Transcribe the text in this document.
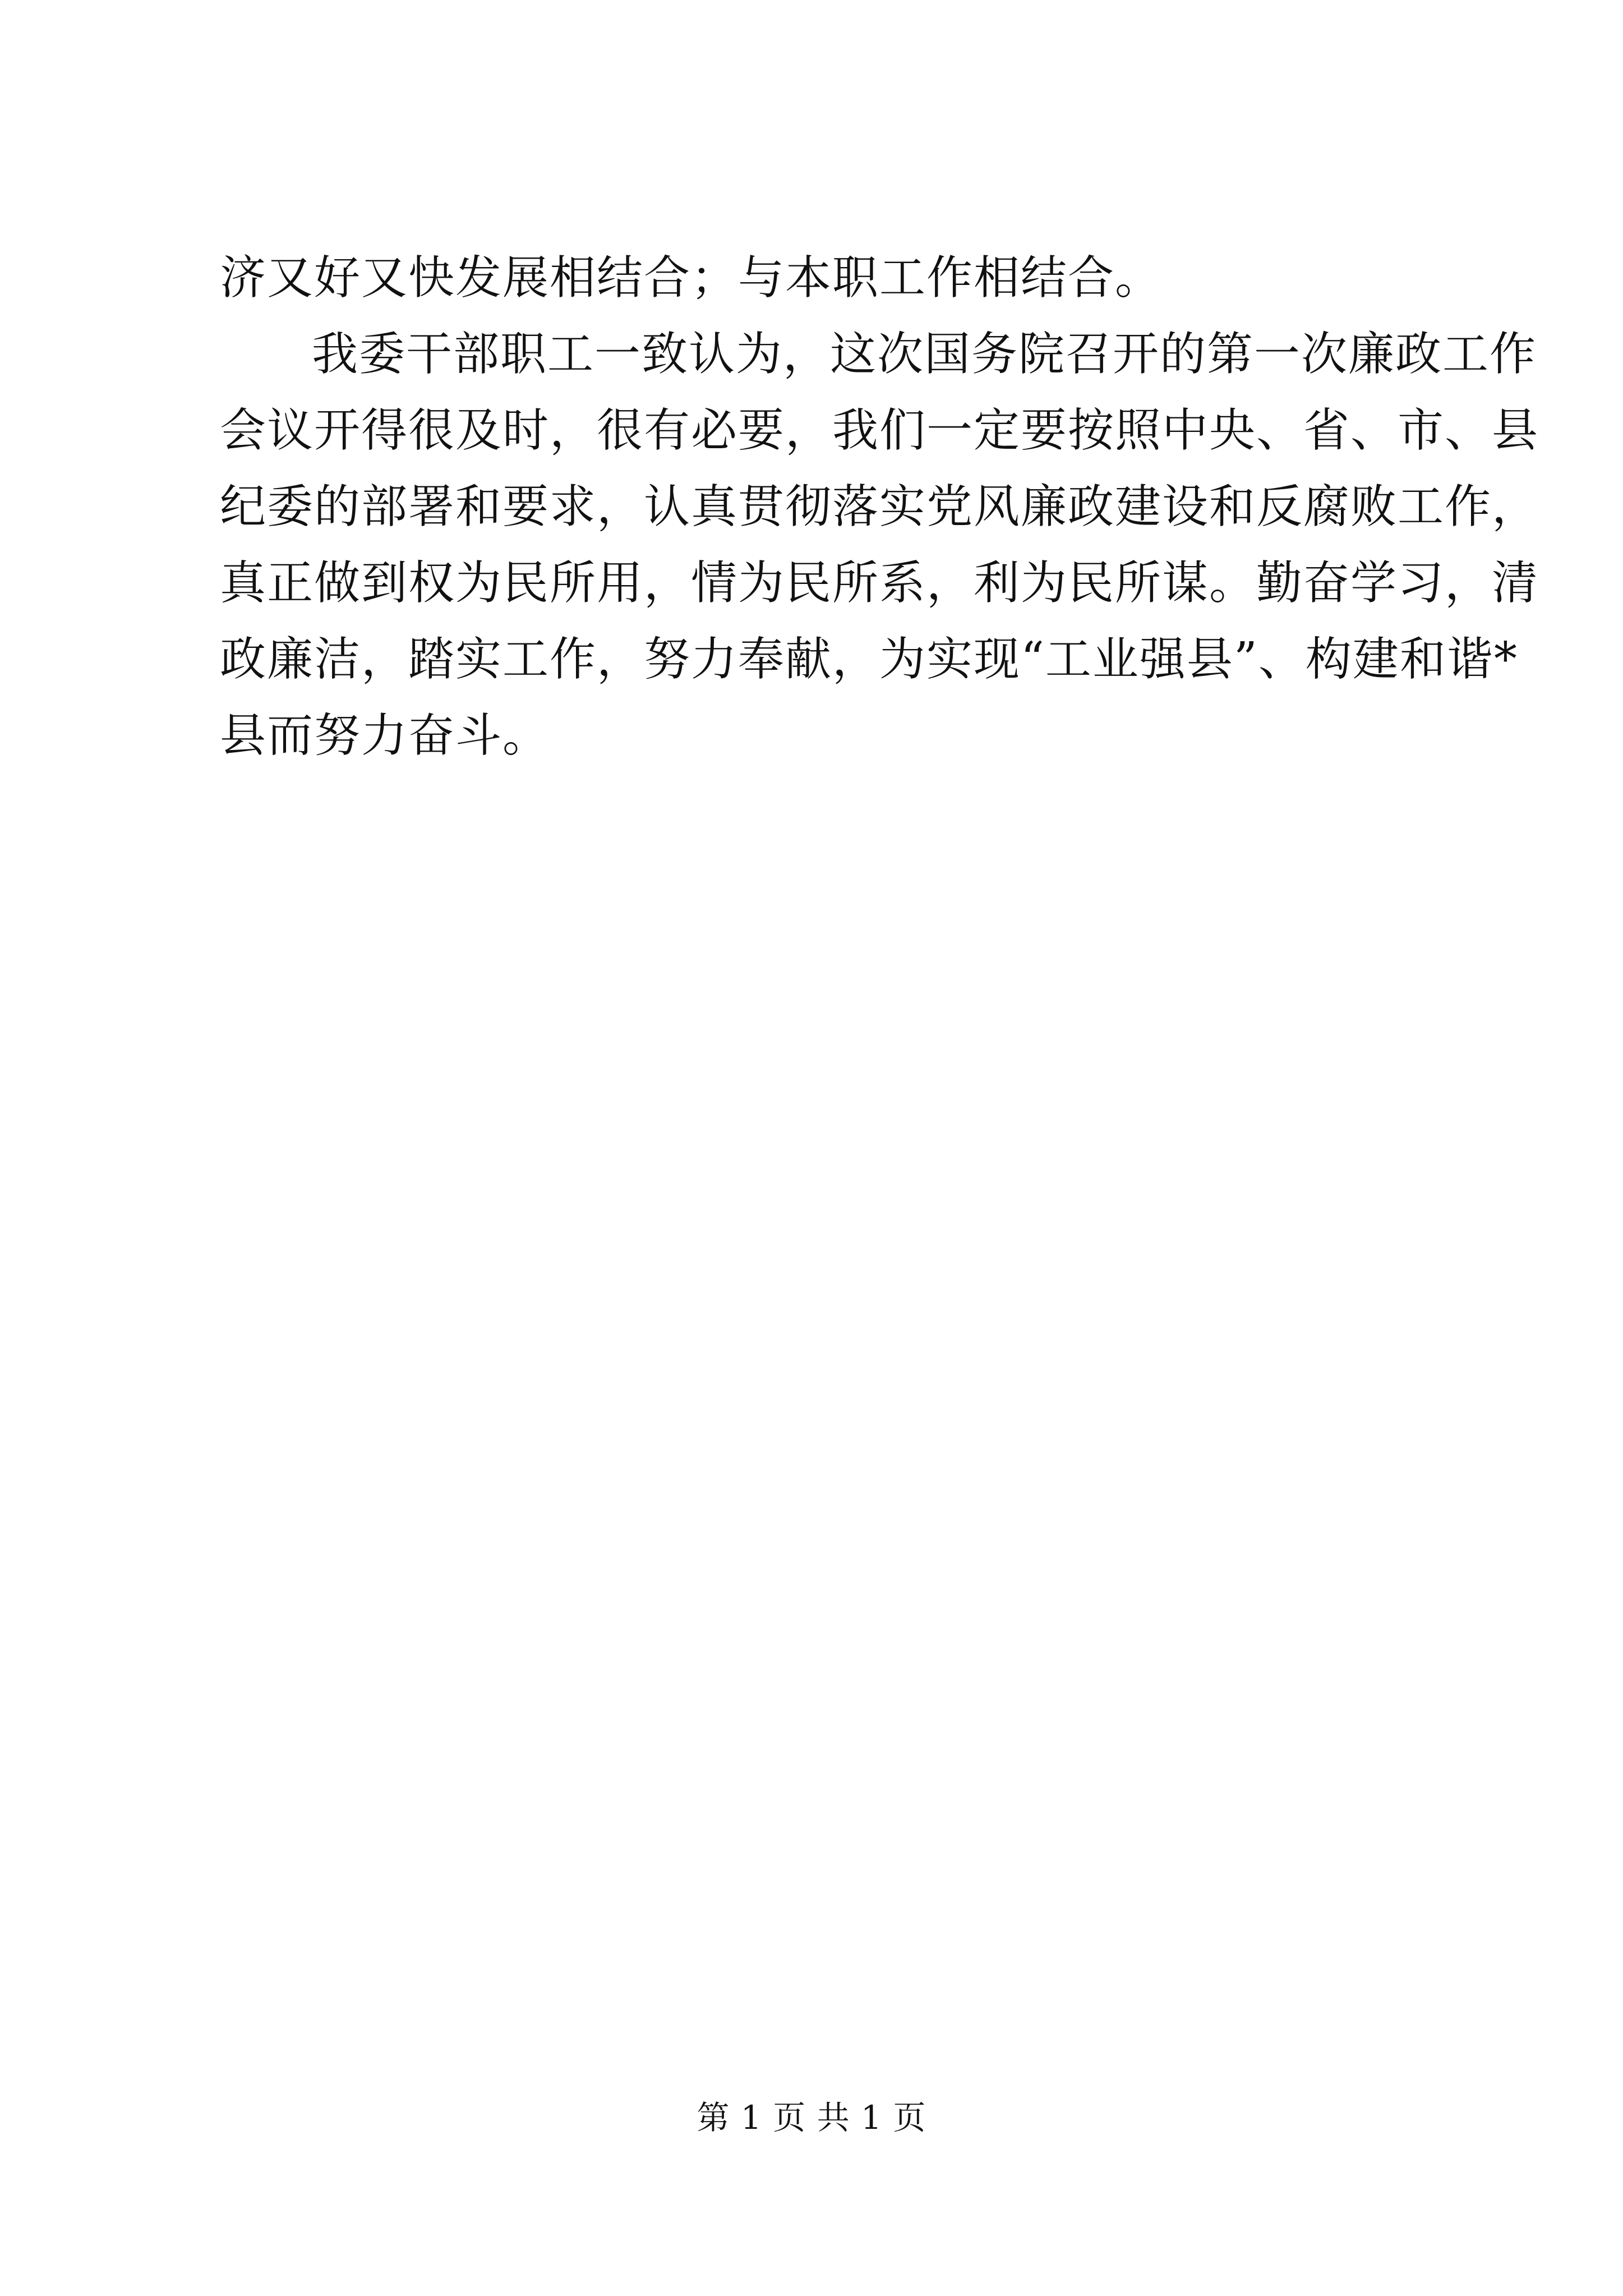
济又好又快发展相结合；与本职工作相结合。
我委干部职工一致认为，这次国务院召开的第一次廉政工作
会议开得很及时，很有必要，我们一定要按照中央、省、市、县
纪委的部署和要求，认真贯彻落实党风廉政建设和反腐败工作，
真正做到权为民所用，情为民所系，利为民所谋。勤奋学习，清
政廉洁，踏实工作，努力奉献，为实现“工业强县”、构建和谐*
县而努力奋斗。
第 1 页 共 1 页
